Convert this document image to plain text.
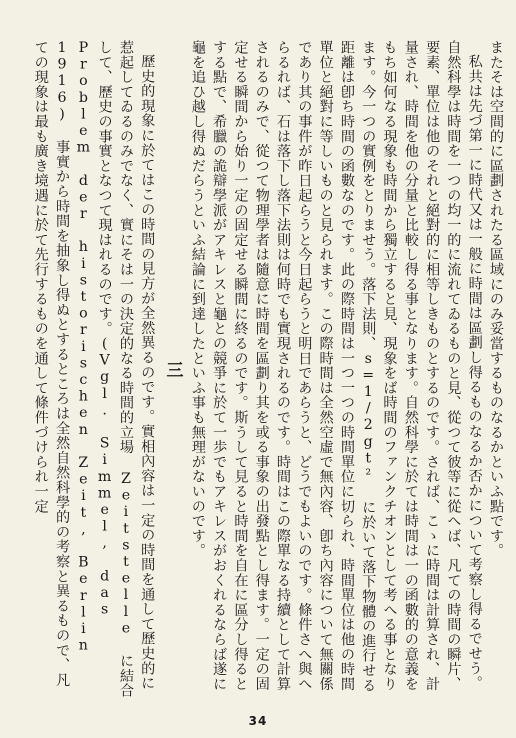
またそは空間的に區劃されたる區域にのみ妥當するものなるかといふ點です。

私共は先づ第一に時代又は一般に時間は區劃し得るものなるか否かについて考察し得るでせう。自然科學は時間を一つの均一的に流れてゐるものと見、從つて彼等に從へば、凡ての時間の瞬片、要素、單位は他のそれと絕對的に相等しきものとするのです。されば、こゝに時間は計算され、計量され、時間を他の分量と比較し得る事となります。自然科學に於ては時間は一の函數的の意義をもち如何なる現象も時間から獨立すると見、現象をば時間のファンクチオンとして考へる事となります。今一つの實例をとりませう。落下法則、s=1/2gt² に於いて落下物體の進行せる距離は卽ち時間の函數なのです。此の際時間は一つ一つの時間單位に切られ、時間單位は他の時間單位と絕對に等しいものと見られます。この際時間は全然空虛で無內容、卽ち內容について無關係であり其の事件が昨日起らうと今日起らうと明日であらうと、どうでもよいのです。條件さへ與へらるれば、石は落下し落下法則は何時でも實現されるのです。時間はこの際單なる持續として計算されるのみで、從つて物理學者は隨意に時間を區劃り其を或る事象の出發點とし得ます。一定の固定せる瞬間から始り一定の固定せる瞬間に終るのです。斯うして見ると時間を自在に區分し得るとする點で、希臘の詭辯學派がアキレスと龜との競爭に於て一歩でもアキレスがおくれるならば遂に龜を追ひ越し得ぬだらうといふ結論に到達したといふ事も無理がないのです。

三

歷史的現象に於てはこの時間の見方が全然異るのです。實相內容は一定の時間を通して歷史的に惹起してゐるのみでなく、實にそは一の決定的なる時間的立場 Zeitstelle に結合して、歷史の事實となつて現はれるのです。(Vgl. Simmel, das Problem der historischen Zeit, Berlin 1916) 事實から時間を抽象し得ぬとするところは全然自然科學的の考察と異るもので、凡ての現象は最も廣き境遇に於て先行するものを通して條件づけられ一定

34
